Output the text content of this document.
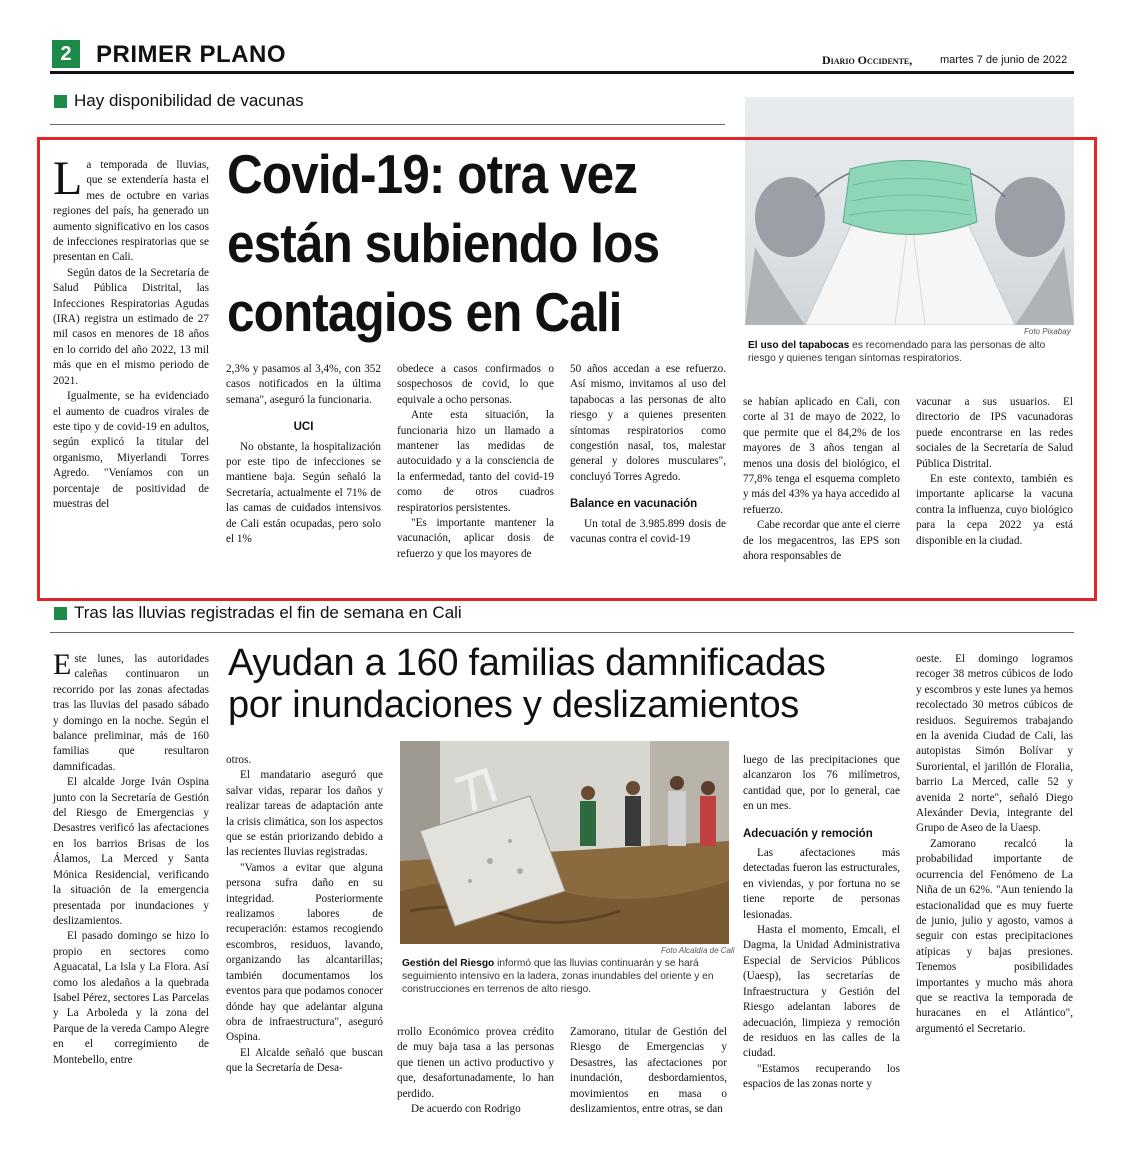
2	PRIMER PLANO	Diario Occidente,	martes 7 de junio de 2022
Hay disponibilidad de vacunas
Covid-19: otra vez
están subiendo los
contagios en Cali	Foto Pixabay
El uso del tapabocas es recomendado para las personas de alto riesgo y quienes tengan síntomas respiratorios.

La temporada de lluvias, que se extendería hasta el mes de octubre en varias regiones del país, ha generado un aumento significativo en los casos de infecciones respiratorias que se presentan en Cali.

Según datos de la Secretaría de Salud Pública Distrital, las Infecciones Respiratorias Agudas (IRA) registra un estimado de 27 mil casos en menores de 18 años en lo corrido del año 2022, 13 mil más que en el mismo periodo de 2021.

Igualmente, se ha evidenciado el aumento de cuadros virales de este tipo y de covid-19 en adultos, según explicó la titular del organismo, Miyerlandi Torres Agredo. "Veníamos con un porcentaje de positividad de muestras del

2,3% y pasamos al 3,4%, con 352 casos notificados en la última semana", aseguró la funcionaria.

UCI

No obstante, la hospitalización por este tipo de infecciones se mantiene baja. Según señaló la Secretaría, actualmente el 71% de las camas de cuidados intensivos de Cali están ocupadas, pero solo el 1%

obedece a casos confirmados o sospechosos de covid, lo que equivale a ocho personas.

Ante esta situación, la funcionaria hizo un llamado a mantener las medidas de autocuidado y a la consciencia de la enfermedad, tanto del covid-19 como de otros cuadros respiratorios persistentes.

"Es importante mantener la vacunación, aplicar dosis de refuerzo y que los mayores de

50 años accedan a ese refuerzo. Así mismo, invitamos al uso del tapabocas a las personas de alto riesgo y a quienes presenten síntomas respiratorios como congestión nasal, tos, malestar general y dolores musculares", concluyó Torres Agredo.

Balance en vacunación

Un total de 3.985.899 dosis de vacunas contra el covid-19

se habían aplicado en Cali, con corte al 31 de mayo de 2022, lo que permite que el 84,2% de los mayores de 3 años tengan al menos una dosis del biológico, el 77,8% tenga el esquema completo y más del 43% ya haya accedido al refuerzo.

Cabe recordar que ante el cierre de los megacentros, las EPS son ahora responsables de

vacunar a sus usuarios. El directorio de IPS vacunadoras puede encontrarse en las redes sociales de la Secretaría de Salud Pública Distrital.

En este contexto, también es importante aplicarse la vacuna contra la influenza, cuyo biológico para la cepa 2022 ya está disponible en la ciudad.

Tras las lluvias registradas el fin de semana en Cali
Ayudan a 160 familias damnificadas
por inundaciones y deslizamientos
Foto Alcaldía de Cali
Gestión del Riesgo informó que las lluvias continuarán y se hará seguimiento intensivo en la ladera, zonas inundables del oriente y en construcciones en terrenos de alto riesgo.

Este lunes, las autoridades caleñas continuaron un recorrido por las zonas afectadas tras las lluvias del pasado sábado y domingo en la noche. Según el balance preliminar, más de 160 familias que resultaron damnificadas.

El alcalde Jorge Iván Ospina junto con la Secretaría de Gestión del Riesgo de Emergencias y Desastres verificó las afectaciones en los barrios Brisas de los Álamos, La Merced y Santa Mónica Residencial, verificando la situación de la emergencia presentada por inundaciones y deslizamientos.

El pasado domingo se hizo lo propio en sectores como Aguacatal, La Isla y La Flora. Así como los aledaños a la quebrada Isabel Pérez, sectores Las Parcelas y La Arboleda y la zona del Parque de la vereda Campo Alegre en el corregimiento de Montebello, entre

otros.

El mandatario aseguró que salvar vidas, reparar los daños y realizar tareas de adaptación ante la crisis climática, son los aspectos que se están priorizando debido a las recientes lluvias registradas.

"Vamos a evitar que alguna persona sufra daño en su integridad. Posteriormente realizamos labores de recuperación: estamos recogiendo escombros, residuos, lavando, organizando las alcantarillas; también documentamos los eventos para que podamos conocer dónde hay que adelantar alguna obra de infraestructura", aseguró Ospina.

El Alcalde señaló que buscan que la Secretaría de Desa-

rrollo Económico provea crédito de muy baja tasa a las personas que tienen un activo productivo y que, desafortunadamente, lo han perdido.

De acuerdo con Rodrigo

Zamorano, titular de Gestión del Riesgo de Emergencias y Desastres, las afectaciones por inundación, desbordamientos, movimientos en masa o deslizamientos, entre otras, se dan

luego de las precipitaciones que alcanzaron los 76 milímetros, cantidad que, por lo general, cae en un mes.

Adecuación y remoción

Las afectaciones más detectadas fueron las estructurales, en viviendas, y por fortuna no se tiene reporte de personas lesionadas.

Hasta el momento, Emcali, el Dagma, la Unidad Administrativa Especial de Servicios Públicos (Uaesp), las secretarías de Infraestructura y Gestión del Riesgo adelantan labores de adecuación, limpieza y remoción de residuos en las calles de la ciudad.

"Estamos recuperando los espacios de las zonas norte y

oeste. El domingo logramos recoger 38 metros cúbicos de lodo y escombros y este lunes ya hemos recolectado 30 metros cúbicos de residuos. Seguiremos trabajando en la avenida Ciudad de Cali, las autopistas Simón Bolívar y Suroriental, el jarillón de Floralia, barrio La Merced, calle 52 y avenida 2 norte", señaló Diego Alexánder Devia, integrante del Grupo de Aseo de la Uaesp.

Zamorano recalcó la probabilidad importante de ocurrencia del Fenómeno de La Niña de un 62%. "Aun teniendo la estacionalidad que es muy fuerte de junio, julio y agosto, vamos a seguir con estas precipitaciones atípicas y bajas presiones. Tenemos posibilidades importantes y mucho más ahora que se reactiva la temporada de huracanes en el Atlántico", argumentó el Secretario.
